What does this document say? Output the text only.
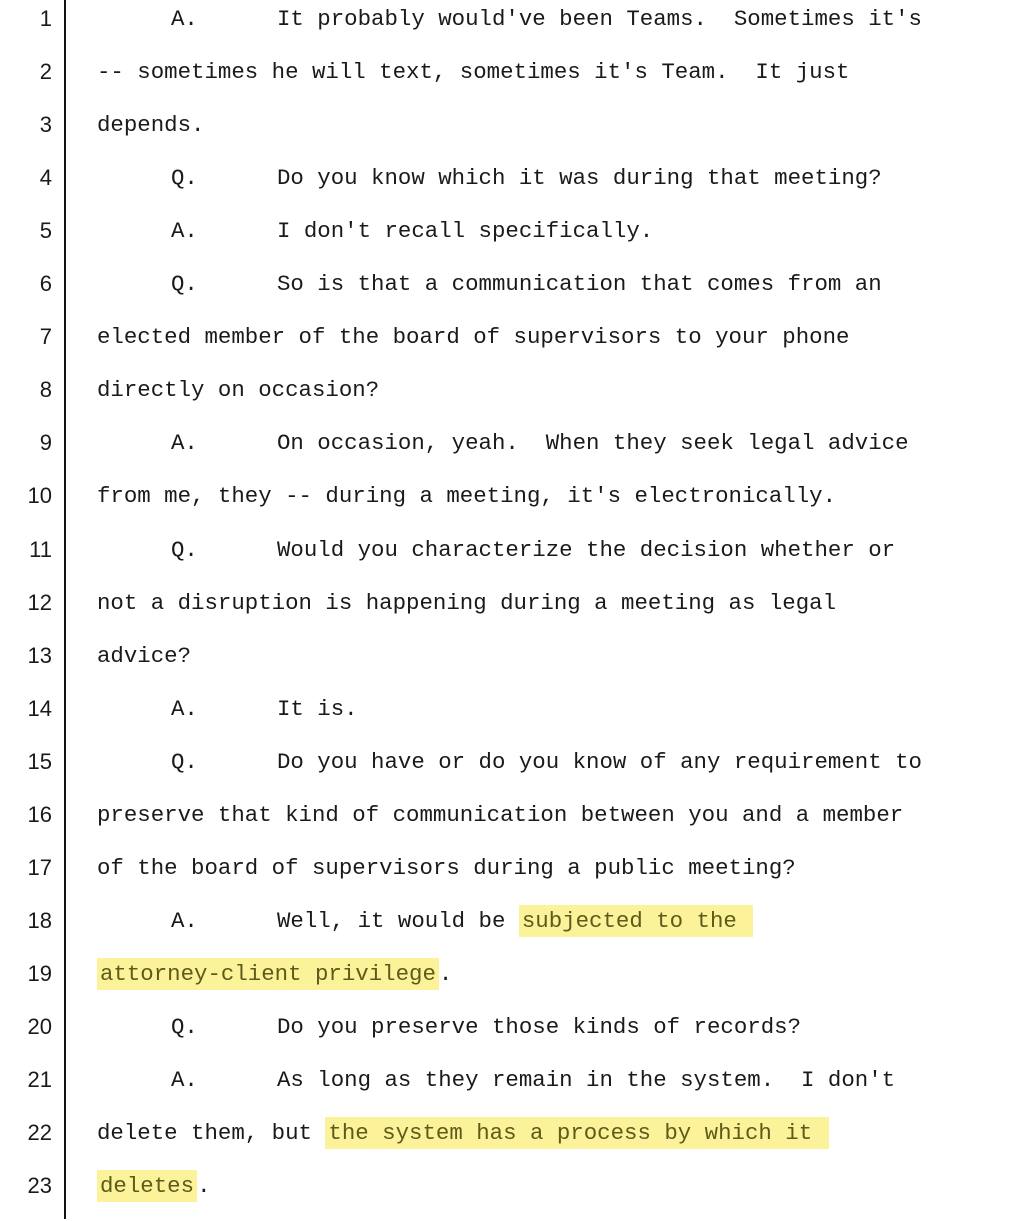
1	A.	It probably would've been Teams.  Sometimes it's
2 -- sometimes he will text, sometimes it's Team.  It just
3 depends.
4	Q.	Do you know which it was during that meeting?
5	A.	I don't recall specifically.
6	Q.	So is that a communication that comes from an
7 elected member of the board of supervisors to your phone
8 directly on occasion?
9	A.	On occasion, yeah.  When they seek legal advice
10 from me, they -- during a meeting, it's electronically.
11	Q.	Would you characterize the decision whether or
12 not a disruption is happening during a meeting as legal
13 advice?
14	A.	It is.
15	Q.	Do you have or do you know of any requirement to
16 preserve that kind of communication between you and a member
17 of the board of supervisors during a public meeting?
18	A.	Well, it would be subjected to the
19 attorney-client privilege .
20	Q.	Do you preserve those kinds of records?
21	A.	As long as they remain in the system.  I don't
22 delete them, but the system has a process by which it
23 deletes .
